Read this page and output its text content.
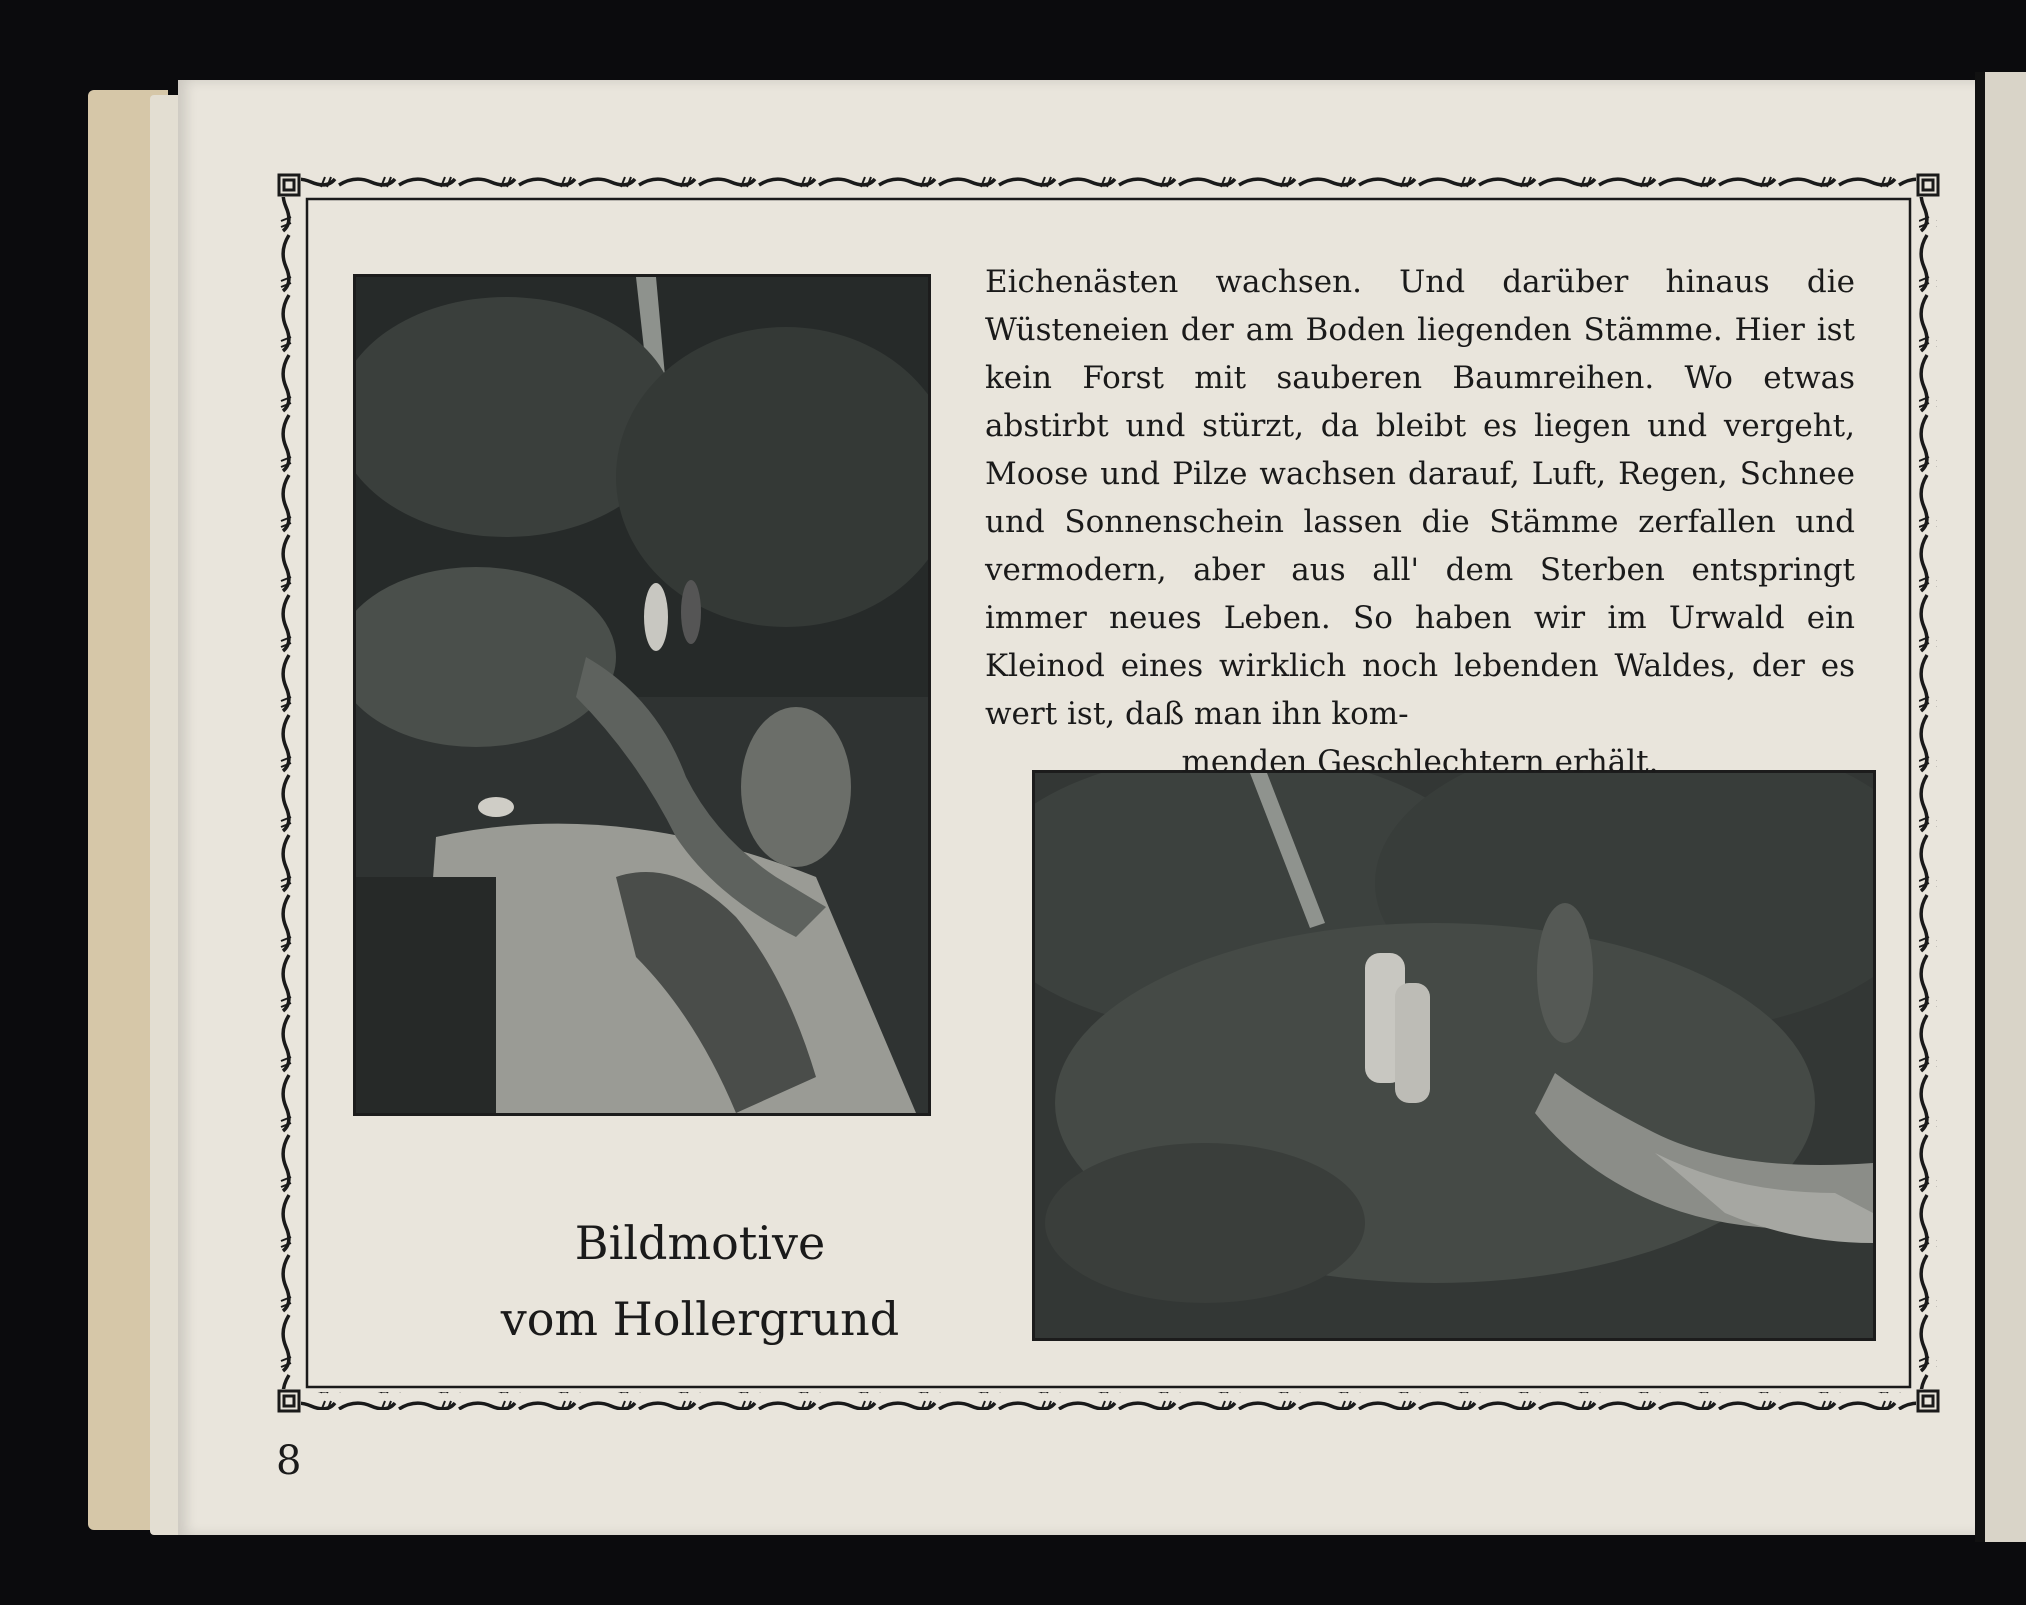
Eichenästen wachsen. Und darüber hinaus die Wüsteneien der am Boden liegenden Stämme. Hier ist kein Forst mit sauberen Baumreihen. Wo etwas abstirbt und stürzt, da bleibt es liegen und vergeht, Moose und Pilze wachsen darauf, Luft, Regen, Schnee und Sonnenschein lassen die Stämme zerfallen und vermodern, aber aus all' dem Sterben entspringt immer neues Leben. So haben wir im Urwald ein Kleinod eines wirklich noch lebenden Waldes, der es wert ist, daß man ihn kom-
menden Geschlechtern erhält.
Bildmotive
vom Hollergrund
8
